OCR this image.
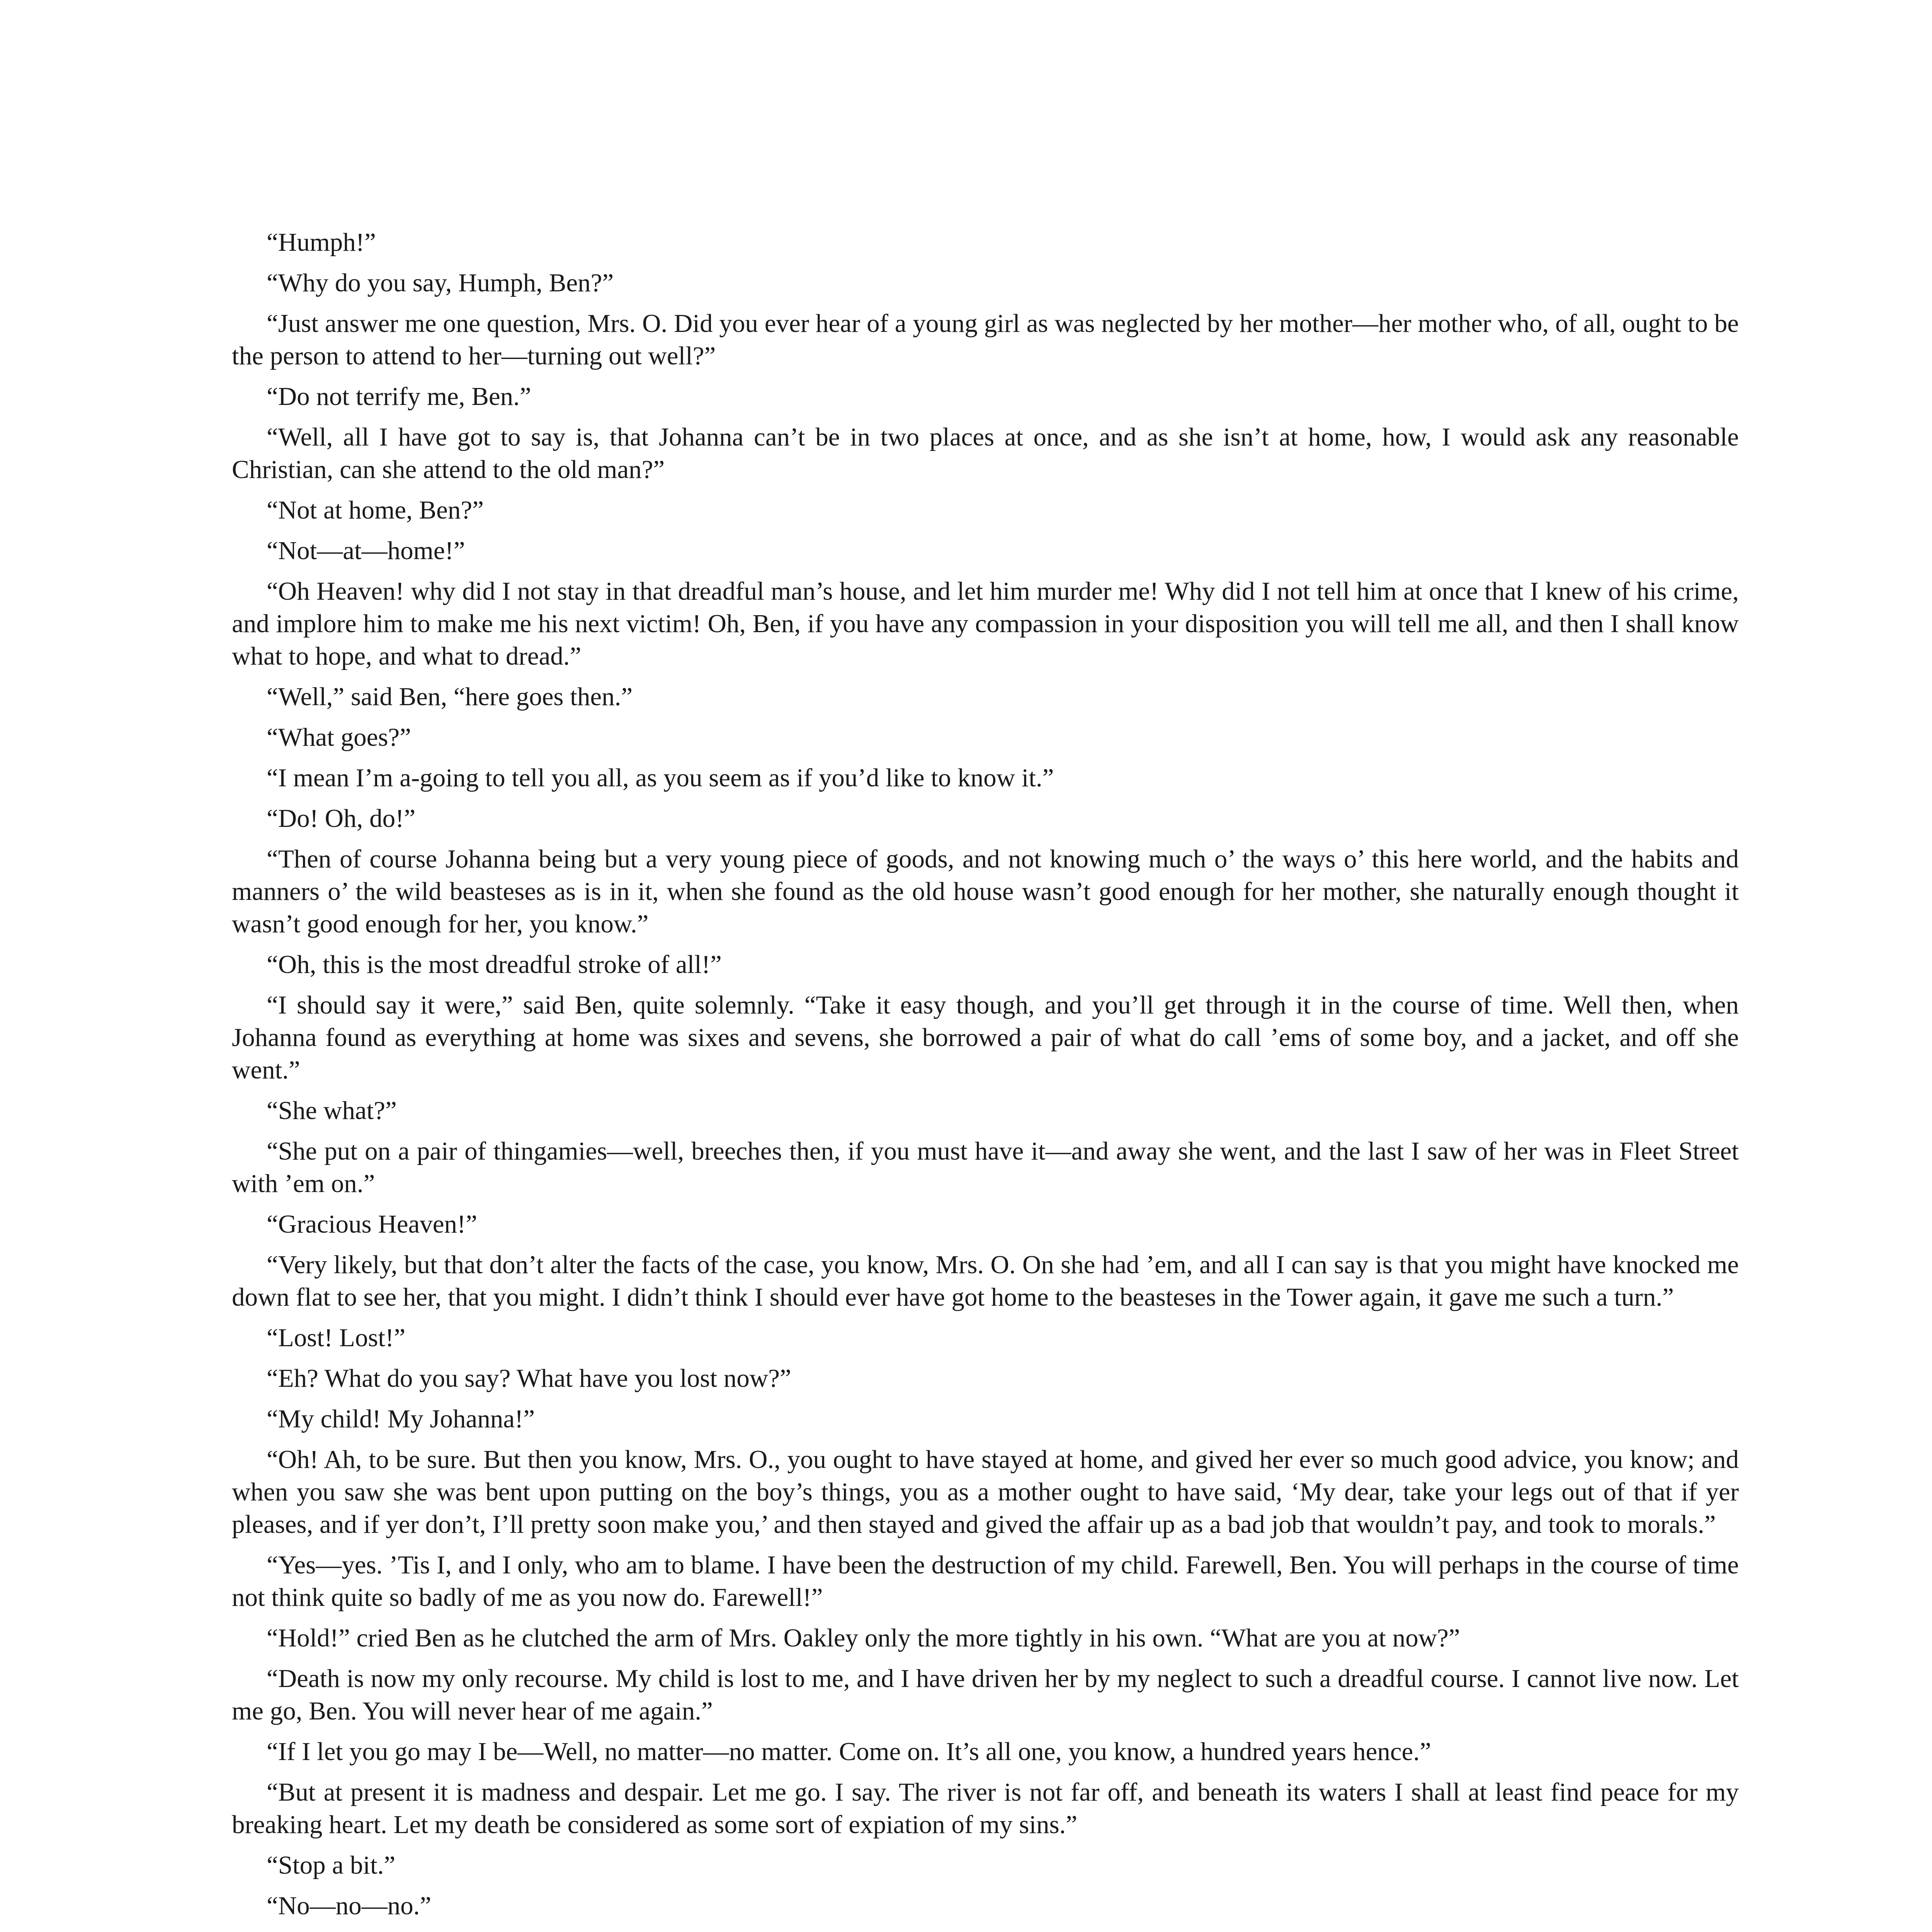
“Humph!”

“Why do you say, Humph, Ben?”

“Just answer me one question, Mrs. O. Did you ever hear of a young girl as was neglected by her mother—her mother who, of all, ought to be the person to attend to her—turning out well?”

“Do not terrify me, Ben.”

“Well, all I have got to say is, that Johanna can’t be in two places at once, and as she isn’t at home, how, I would ask any reasonable Christian, can she attend to the old man?”

“Not at home, Ben?”

“Not—at—home!”

“Oh Heaven! why did I not stay in that dreadful man’s house, and let him murder me! Why did I not tell him at once that I knew of his crime, and implore him to make me his next victim! Oh, Ben, if you have any compassion in your disposition you will tell me all, and then I shall know what to hope, and what to dread.”

“Well,” said Ben, “here goes then.”

“What goes?”

“I mean I’m a-going to tell you all, as you seem as if you’d like to know it.”

“Do! Oh, do!”

“Then of course Johanna being but a very young piece of goods, and not knowing much o’ the ways o’ this here world, and the habits and manners o’ the wild beasteses as is in it, when she found as the old house wasn’t good enough for her mother, she naturally enough thought it wasn’t good enough for her, you know.”

“Oh, this is the most dreadful stroke of all!”

“I should say it were,” said Ben, quite solemnly. “Take it easy though, and you’ll get through it in the course of time. Well then, when Johanna found as everything at home was sixes and sevens, she borrowed a pair of what do call ’ems of some boy, and a jacket, and off she went.”

“She what?”

“She put on a pair of thingamies—well, breeches then, if you must have it—and away she went, and the last I saw of her was in Fleet Street with ’em on.”

“Gracious Heaven!”

“Very likely, but that don’t alter the facts of the case, you know, Mrs. O. On she had ’em, and all I can say is that you might have knocked me down flat to see her, that you might. I didn’t think I should ever have got home to the beasteses in the Tower again, it gave me such a turn.”

“Lost! Lost!”

“Eh? What do you say? What have you lost now?”

“My child! My Johanna!”

“Oh! Ah, to be sure. But then you know, Mrs. O., you ought to have stayed at home, and gived her ever so much good advice, you know; and when you saw she was bent upon putting on the boy’s things, you as a mother ought to have said, ‘My dear, take your legs out of that if yer pleases, and if yer don’t, I’ll pretty soon make you,’ and then stayed and gived the affair up as a bad job that wouldn’t pay, and took to morals.”

“Yes—yes. ’Tis I, and I only, who am to blame. I have been the destruction of my child. Farewell, Ben. You will perhaps in the course of time not think quite so badly of me as you now do. Farewell!”

“Hold!” cried Ben as he clutched the arm of Mrs. Oakley only the more tightly in his own. “What are you at now?”

“Death is now my only recourse. My child is lost to me, and I have driven her by my neglect to such a dreadful course. I cannot live now. Let me go, Ben. You will never hear of me again.”

“If I let you go may I be—Well, no matter—no matter. Come on. It’s all one, you know, a hundred years hence.”

“But at present it is madness and despair. Let me go. I say. The river is not far off, and beneath its waters I shall at least find peace for my breaking heart. Let my death be considered as some sort of expiation of my sins.”

“Stop a bit.”

“No—no—no.”
